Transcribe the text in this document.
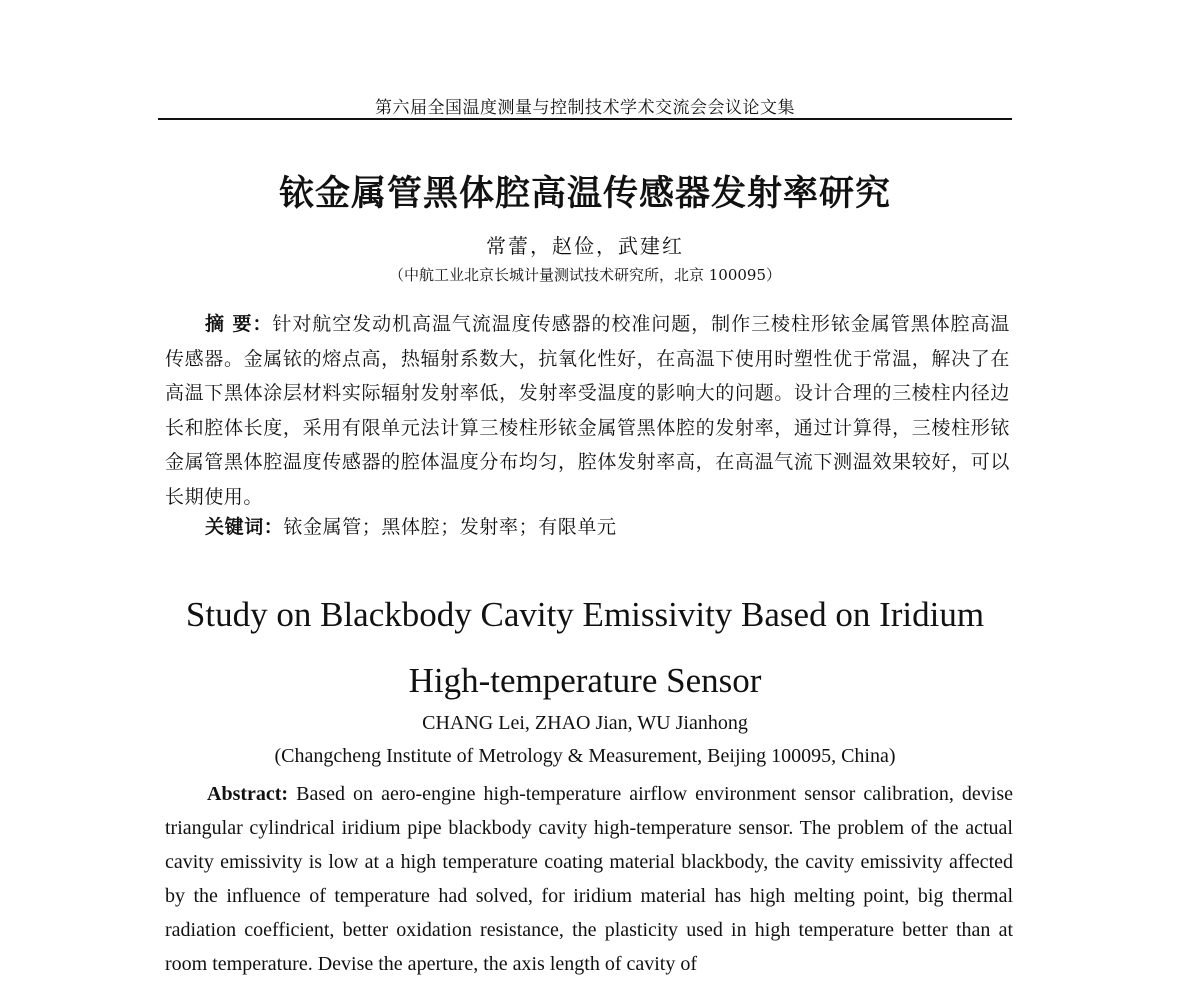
第六届全国温度测量与控制技术学术交流会会议论文集
铱金属管黑体腔高温传感器发射率研究
常蕾，赵俭，武建红
（中航工业北京长城计量测试技术研究所，北京 100095）

摘 要：针对航空发动机高温气流温度传感器的校准问题，制作三棱柱形铱金属管黑体腔高温传感器。金属铱的熔点高，热辐射系数大，抗氧化性好，在高温下使用时塑性优于常温，解决了在高温下黑体涂层材料实际辐射发射率低，发射率受温度的影响大的问题。设计合理的三棱柱内径边长和腔体长度，采用有限单元法计算三棱柱形铱金属管黑体腔的发射率，通过计算得，三棱柱形铱金属管黑体腔温度传感器的腔体温度分布均匀，腔体发射率高，在高温气流下测温效果较好，可以长期使用。

关键词：铱金属管；黑体腔；发射率；有限单元
Study on Blackbody Cavity Emissivity Based on Iridium
High-temperature Sensor
CHANG Lei, ZHAO Jian, WU Jianhong
(Changcheng Institute of Metrology & Measurement, Beijing 100095, China)

Abstract: Based on aero-engine high-temperature airflow environment sensor calibration, devise triangular cylindrical iridium pipe blackbody cavity high-temperature sensor. The problem of the actual cavity emissivity is low at a high temperature coating material blackbody, the cavity emissivity affected by the influence of temperature had solved, for iridium material has high melting point, big thermal radiation coefficient, better oxidation resistance, the plasticity used in high temperature better than at room temperature. Devise the aperture, the axis length of cavity of
